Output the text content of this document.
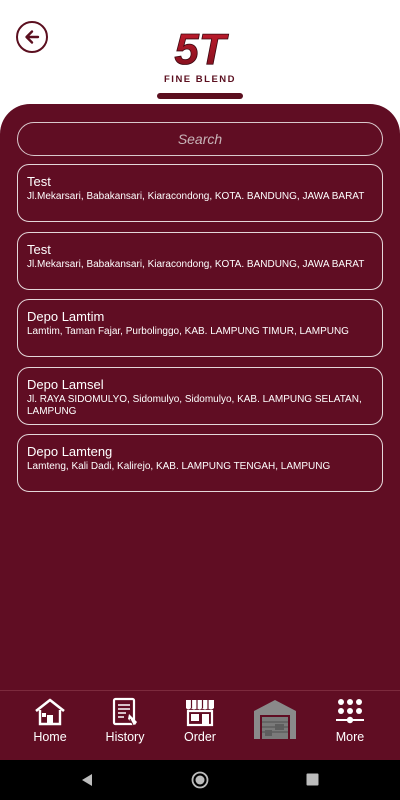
5T
FINE BLEND
Search
Test
Jl.Mekarsari, Babakansari, Kiaracondong, KOTA. BANDUNG, JAWA BARAT
Test
Jl.Mekarsari, Babakansari, Kiaracondong, KOTA. BANDUNG, JAWA BARAT
Depo Lamtim
Lamtim, Taman Fajar, Purbolinggo, KAB. LAMPUNG TIMUR, LAMPUNG
Depo Lamsel
Jl. RAYA SIDOMULYO, Sidomulyo, Sidomulyo, KAB. LAMPUNG SELATAN, LAMPUNG
Depo Lamteng
Lamteng, Kali Dadi, Kalirejo, KAB. LAMPUNG TENGAH, LAMPUNG
Home	History	Order	More
